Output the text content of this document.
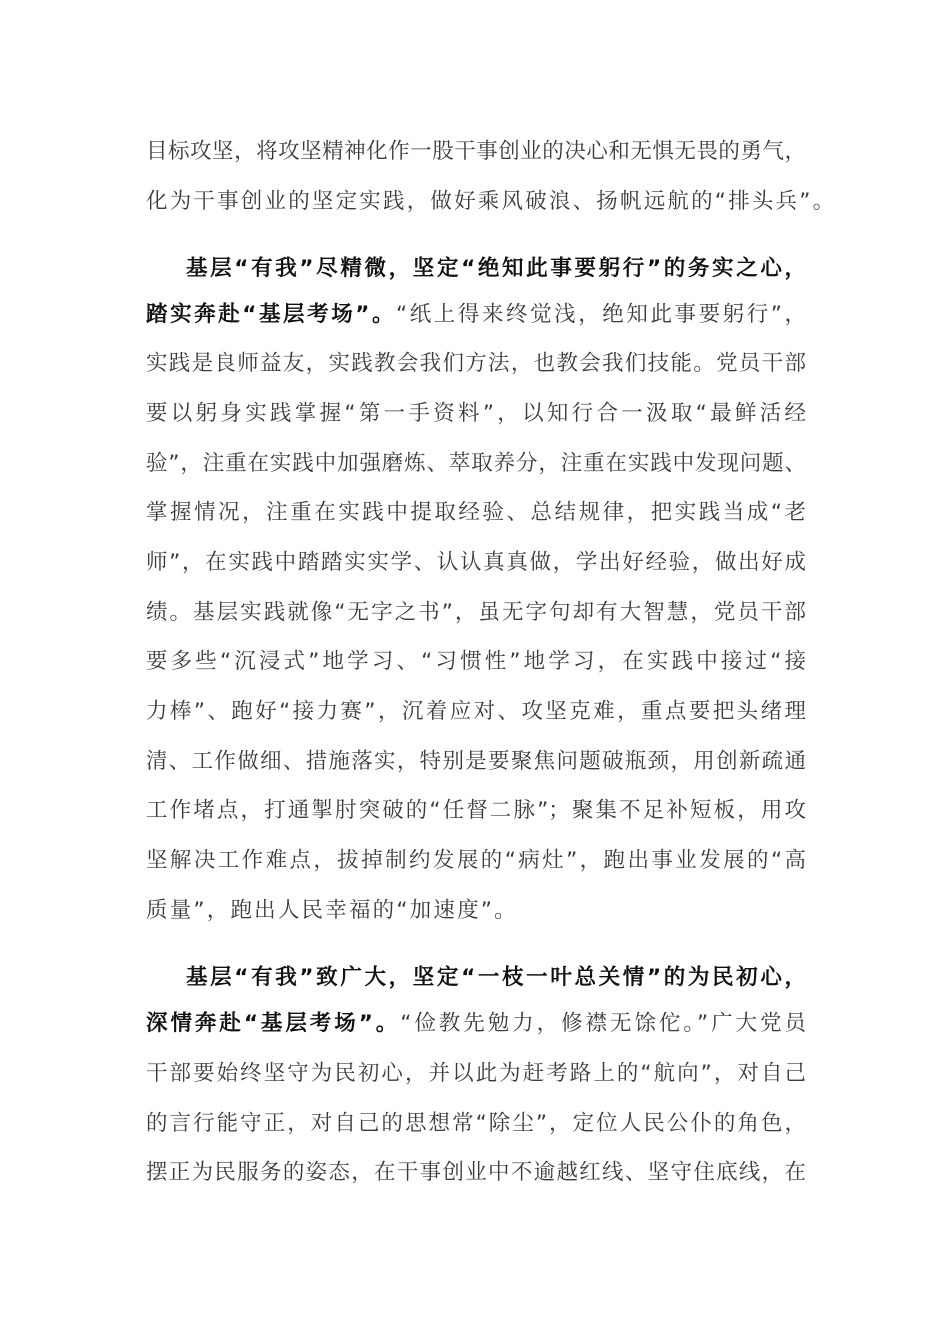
目标攻坚，将攻坚精神化作一股干事创业的决心和无惧无畏的勇气，
化为干事创业的坚定实践，做好乘风破浪、扬帆远航的“排头兵”。
基层“有我”尽精微，坚定“绝知此事要躬行”的务实之心，
踏实奔赴“基层考场”。“纸上得来终觉浅，绝知此事要躬行”，
实践是良师益友，实践教会我们方法，也教会我们技能。党员干部
要以躬身实践掌握“第一手资料”，以知行合一汲取“最鲜活经
验”，注重在实践中加强磨炼、萃取养分，注重在实践中发现问题、
掌握情况，注重在实践中提取经验、总结规律，把实践当成“老
师”，在实践中踏踏实实学、认认真真做，学出好经验，做出好成
绩。基层实践就像“无字之书”，虽无字句却有大智慧，党员干部
要多些“沉浸式”地学习、“习惯性”地学习，在实践中接过“接
力棒”、跑好“接力赛”，沉着应对、攻坚克难，重点要把头绪理
清、工作做细、措施落实，特别是要聚焦问题破瓶颈，用创新疏通
工作堵点，打通掣肘突破的“任督二脉”；聚集不足补短板，用攻
坚解决工作难点，拔掉制约发展的“病灶”，跑出事业发展的“高
质量”，跑出人民幸福的“加速度”。
基层“有我”致广大，坚定“一枝一叶总关情”的为民初心，
深情奔赴“基层考场”。“俭教先勉力，修襟无馀佗。”广大党员
干部要始终坚守为民初心，并以此为赶考路上的“航向”，对自己
的言行能守正，对自己的思想常“除尘”，定位人民公仆的角色，
摆正为民服务的姿态，在干事创业中不逾越红线、坚守住底线，在
